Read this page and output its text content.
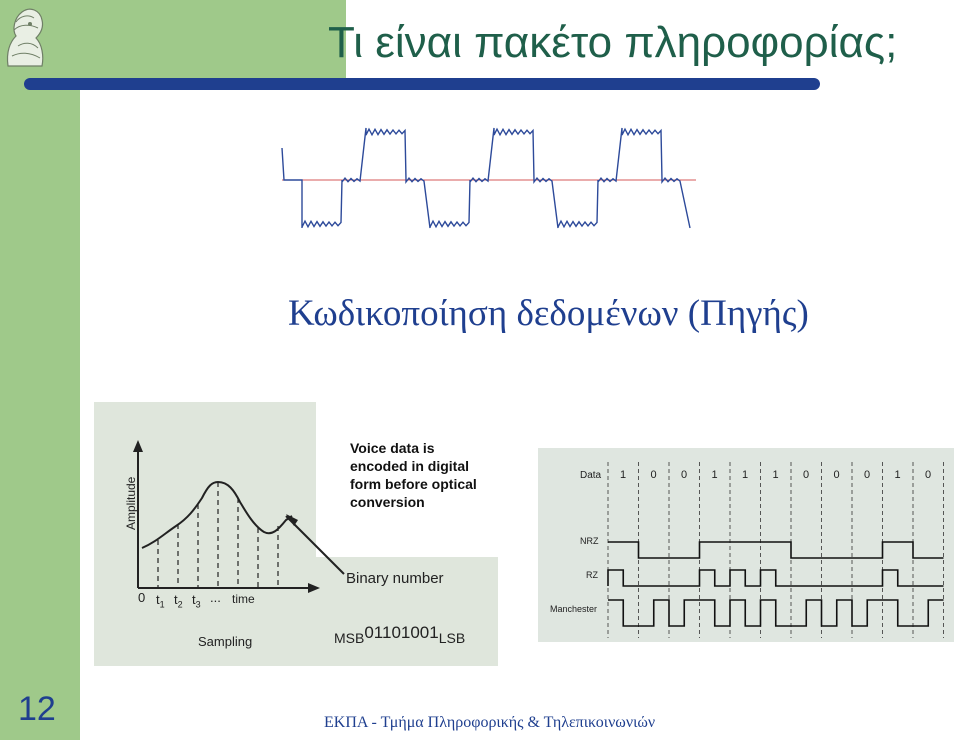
Τι είναι πακέτο πληροφορίας;
Κωδικοποίηση δεδομένων (Πηγής)
Amplitude
Voice data is
encoded in digital
form before optical
conversion
0 $t_1$ $t_2$ $t_3$ ... time
Sampling
Binary number
MSB01101001LSB
Data 1 0 0 1 1 1 0 0 0 1 0
NRZ
RZ
Manchester
12	ΕΚΠΑ - Τμήμα Πληροφορικής & Τηλεπικοινωνιών
